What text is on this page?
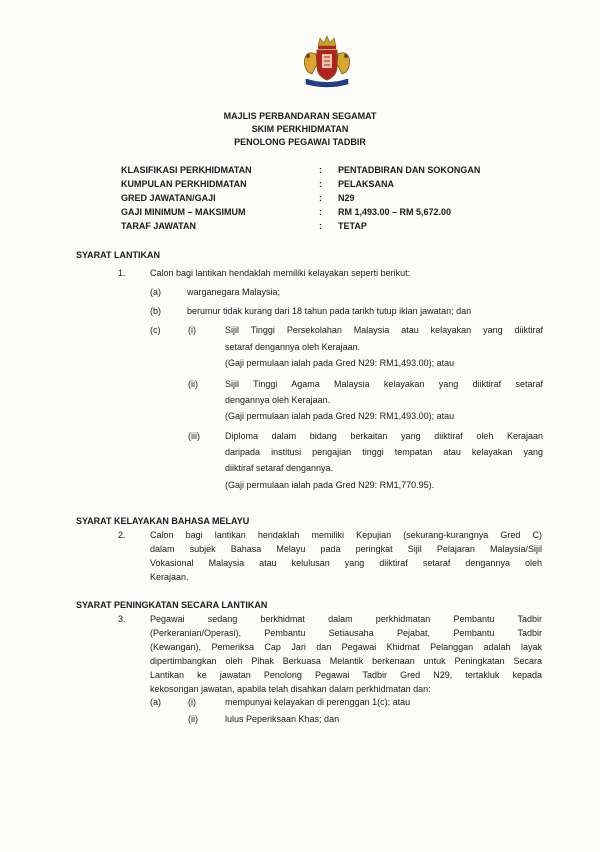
MAJLIS PERBANDARAN SEGAMAT
SKIM PERKHIDMATAN
PENOLONG PEGAWAI TADBIR
KLASIFIKASI PERKHIDMATAN	: PENTADBIRAN DAN SOKONGAN
KUMPULAN PERKHIDMATAN	: PELAKSANA
GRED JAWATAN/GAJI	: N29
GAJI MINIMUM – MAKSIMUM	: RM 1,493.00 – RM 5,672.00
TARAF JAWATAN	: TETAP
SYARAT LANTIKAN
1.	Calon bagi lantikan hendaklah memiliki kelayakan seperti berikut:
(a)	warganegara Malaysia;
(b)	berumur tidak kurang dari 18 tahun pada tarikh tutup iklan jawatan; dan
(c)	(i)	Sijil Tinggi Persekolahan Malaysia atau kelayakan yang diiktiraf
setaraf dengannya oleh Kerajaan.
(Gaji permulaan ialah pada Gred N29: RM1,493.00); atau
(ii)	Sijil Tinggi Agama Malaysia kelayakan yang diiktiraf setaraf
dengannya oleh Kerajaan.
(Gaji permulaan ialah pada Gred N29: RM1,493.00); atau
(iii)	Diploma dalam bidang berkaitan yang diiktiraf oleh Kerajaan
daripada institusi pengajian tinggi tempatan atau kelayakan yang
diiktiraf setaraf dengannya.
(Gaji permulaan ialah pada Gred N29: RM1,770.95).
SYARAT KELAYAKAN BAHASA MELAYU
2.	Calon bagi lantikan hendaklah memiliki Kepujian (sekurang-kurangnya Gred C)
dalam subjek Bahasa Melayu pada peringkat Sijil Pelajaran Malaysia/Sijil
Vokasional Malaysia atau kelulusan yang diiktiraf setaraf dengannya oleh
Kerajaan.
SYARAT PENINGKATAN SECARA LANTIKAN
3.	Pegawai sedang berkhidmat dalam perkhidmatan Pembantu Tadbir
(Perkeranian/Operasi), Pembantu Setiausaha Pejabat, Pembantu Tadbir
(Kewangan), Pemeriksa Cap Jari dan Pegawai Khidmat Pelanggan adalah layak
dipertimbangkan oleh Pihak Berkuasa Melantik berkenaan untuk Peningkatan Secara
Lantikan ke jawatan Penolong Pegawai Tadbir Gred N29, tertakluk kepada
kekosongan jawatan, apabila telah disahkan dalam perkhidmatan dan:
(a)	(i)	mempunyai kelayakan di perenggan 1(c); atau
(ii)	lulus Peperiksaan Khas; dan
